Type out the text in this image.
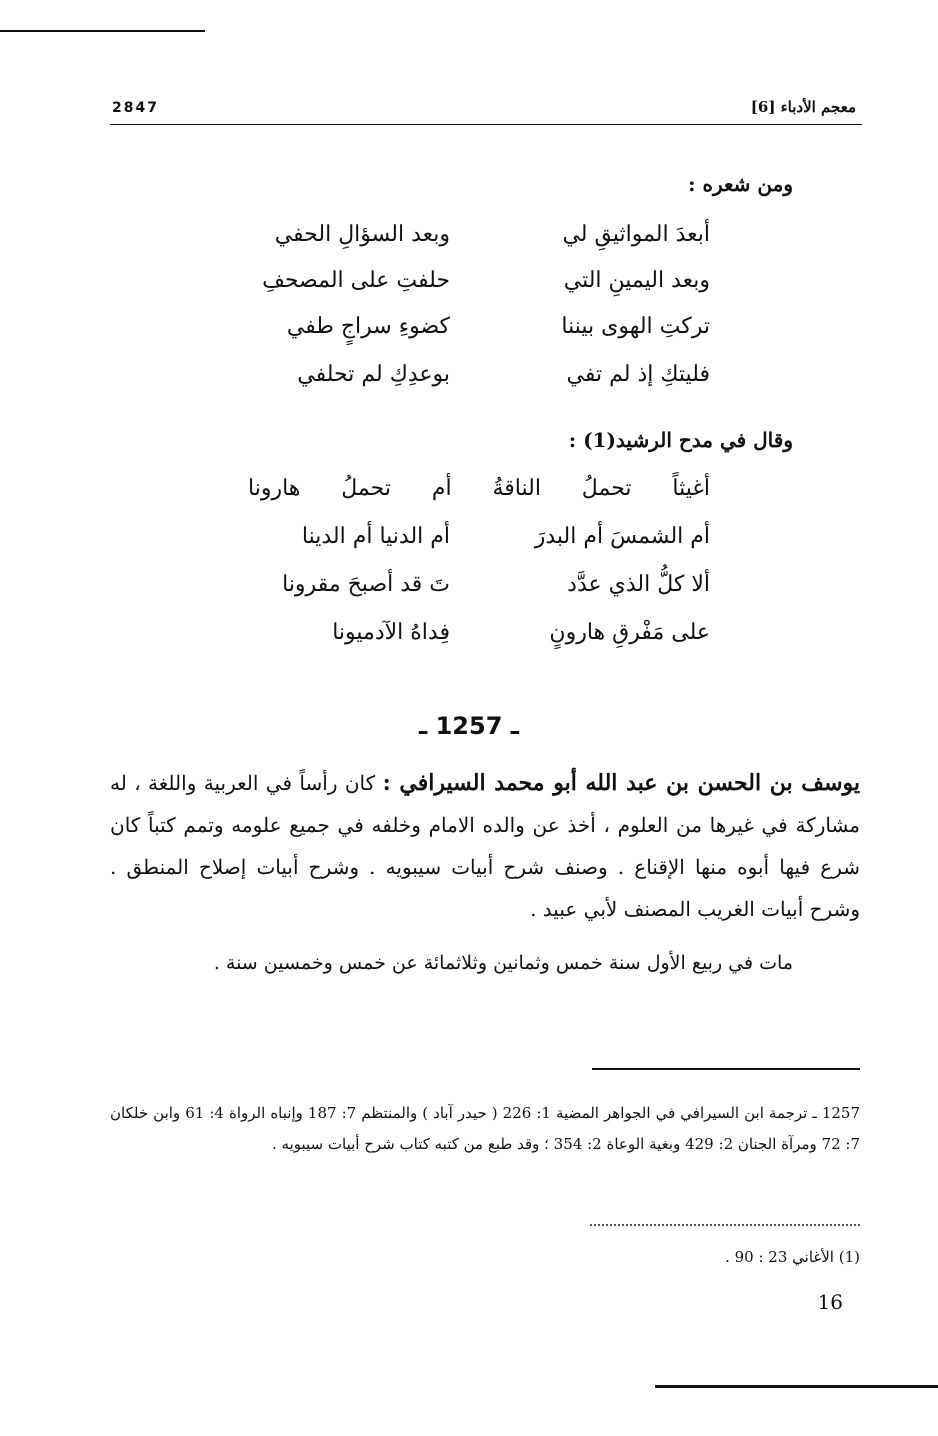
2847	معجم الأدباء [6]
ومن شعره :
أبعدَ المواثيقِ لي
وبعد السؤالِ الحفي
وبعد اليمينِ التي
حلفتِ على المصحفِ
تركتِ الهوى بيننا
كضوءِ سراجٍ طفي
فليتكِ إذ لم تفي
بوعدِكِ لم تحلفي
وقال في مدح الرشيد(1) :
أغيثاً تحملُ الناقةُ أم تحملُ هارونا
أم الشمسَ أم البدرَ
أم الدنيا أم الدينا
ألا كلُّ الذي عدَّد
تَ قد أصبحَ مقرونا
على مَفْرقِ هارونٍ
فِداهُ الآدميونا
ـ 1257 ـ
يوسف بن الحسن بن عبد الله أبو محمد السيرافي : كان رأساً في العربية واللغة ، له مشاركة في غيرها من العلوم ، أخذ عن والده الامام وخلفه في جميع علومه وتمم كتباً كان شرع فيها أبوه منها الإقناع . وصنف شرح أبيات سيبويه . وشرح أبيات إصلاح المنطق . وشرح أبيات الغريب المصنف لأبي عبيد .
مات في ربيع الأول سنة خمس وثمانين وثلاثمائة عن خمس وخمسين سنة .
1257 ـ ترجمة ابن السيرافي في الجواهر المضية 1: 226 ( حيدر آباد ) والمنتظم 7: 187 وإنباه الرواة 4: 61 وابن خلكان 7: 72 ومرآة الجنان 2: 429 وبغية الوعاة 2: 354 ؛ وقد طبع من كتبه كتاب شرح أبيات سيبويه .
(1) الأغاني 23 : 90 .
16
